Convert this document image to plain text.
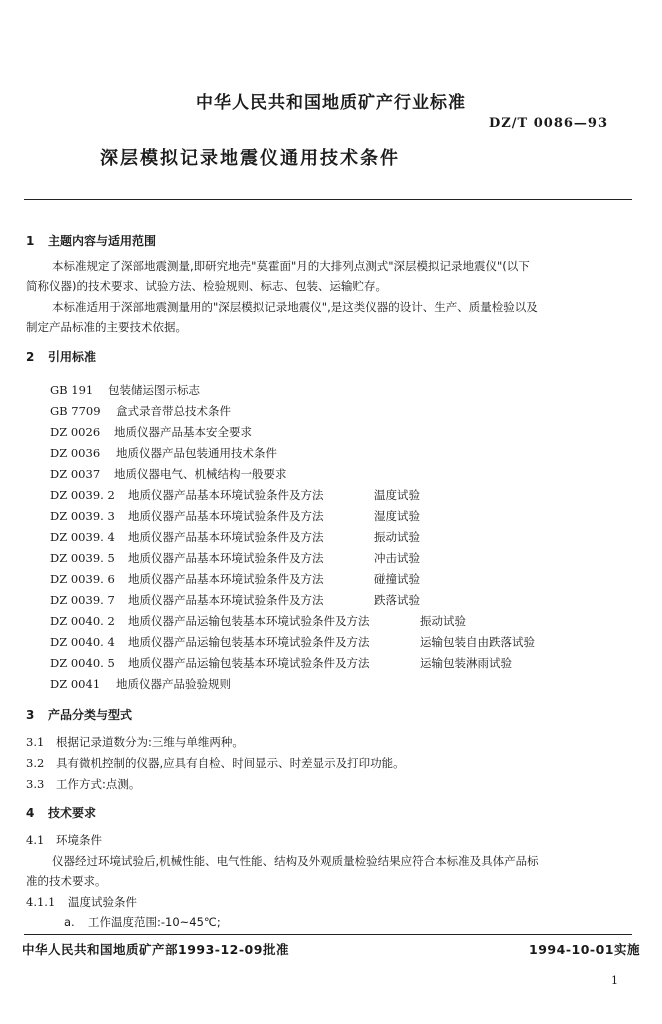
中华人民共和国地质矿产行业标准
DZ/T 0086—93
深层模拟记录地震仪通用技术条件
1 主题内容与适用范围
本标准规定了深部地震测量,即研究地壳"莫霍面"月的大排列点测式"深层模拟记录地震仪"(以下
简称仪器)的技术要求、试验方法、检验规则、标志、包装、运输贮存。
本标准适用于深部地震测量用的"深层模拟记录地震仪",是这类仪器的设计、生产、质量检验以及
制定产品标准的主要技术依据。
2 引用标准
GB 191 包装储运图示标志
GB 7709 盒式录音带总技术条件
DZ 0026 地质仪器产品基本安全要求
DZ 0036 地质仪器产品包装通用技术条件
DZ 0037 地质仪器电气、机械结构一般要求
DZ 0039. 2 地质仪器产品基本环境试验条件及方法	温度试验
DZ 0039. 3 地质仪器产品基本环境试验条件及方法	湿度试验
DZ 0039. 4 地质仪器产品基本环境试验条件及方法	振动试验
DZ 0039. 5 地质仪器产品基本环境试验条件及方法	冲击试验
DZ 0039. 6 地质仪器产品基本环境试验条件及方法	碰撞试验
DZ 0039. 7 地质仪器产品基本环境试验条件及方法	跌落试验
DZ 0040. 2 地质仪器产品运输包装基本环境试验条件及方法	振动试验
DZ 0040. 4 地质仪器产品运输包装基本环境试验条件及方法	运输包装自由跌落试验
DZ 0040. 5 地质仪器产品运输包装基本环境试验条件及方法	运输包装淋雨试验
DZ 0041 地质仪器产品验验规则
3 产品分类与型式
3.1 根据记录道数分为:三维与单维两种。
3.2 具有微机控制的仪器,应具有自检、时间显示、时差显示及打印功能。
3.3 工作方式:点测。
4 技术要求
4.1 环境条件
仪器经过环境试验后,机械性能、电气性能、结构及外观质量检验结果应符合本标准及具体产品标
准的技术要求。
4.1.1 温度试验条件
a. 工作温度范围:-10~45℃;
中华人民共和国地质矿产部1993-12-09批准	1994-10-01实施
1
